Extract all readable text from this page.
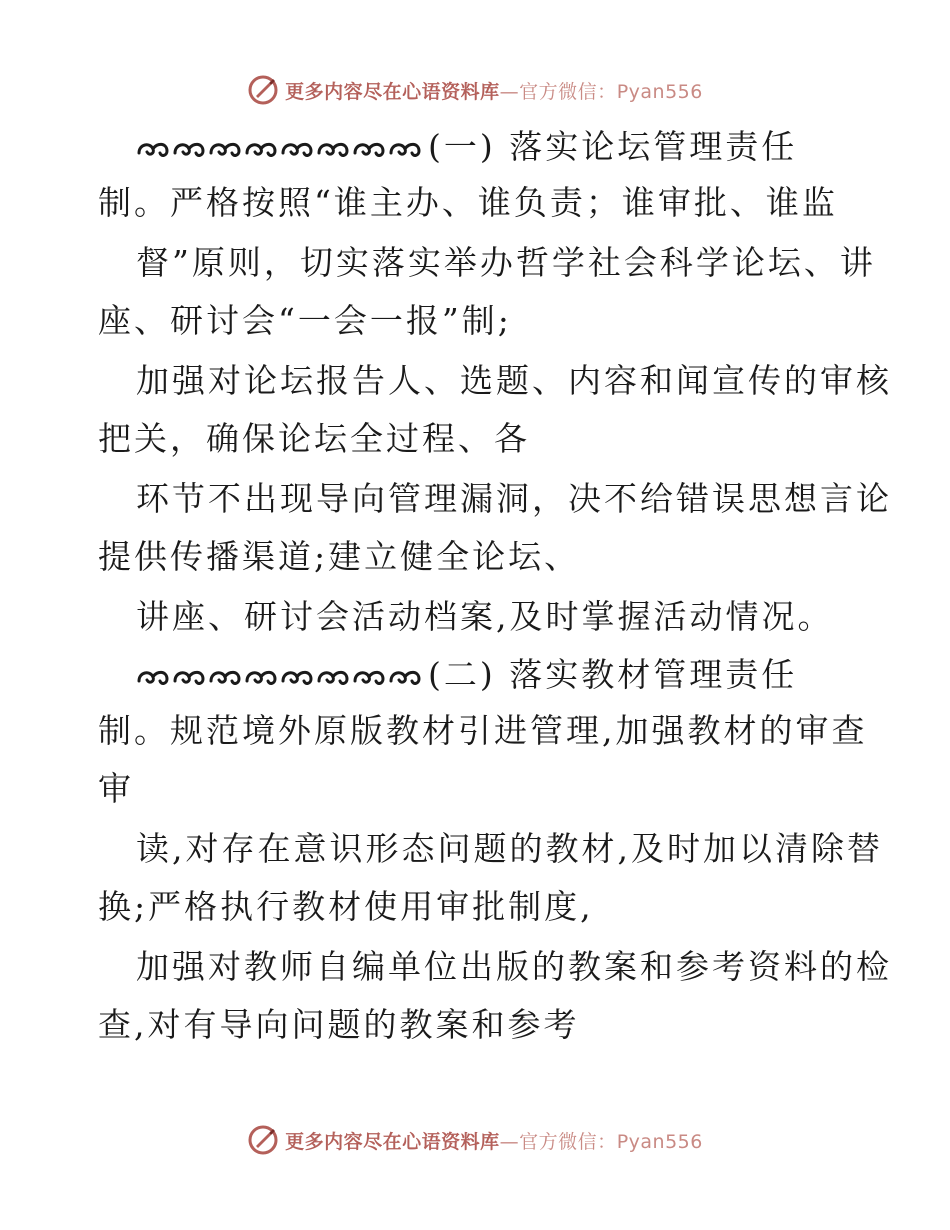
更多内容尽在心语资料库—官方微信：Pyan556
(一) 落实论坛管理责任
制。严格按照“谁主办、谁负责；谁审批、谁监
督”原则，切实落实举办哲学社会科学论坛、讲
座、研讨会“一会一报”制;
加强对论坛报告人、选题、内容和闻宣传的审核
把关，确保论坛全过程、各
环节不出现导向管理漏洞，决不给错误思想言论
提供传播渠道;建立健全论坛、
讲座、研讨会活动档案,及时掌握活动情况。
(二) 落实教材管理责任
制。规范境外原版教材引进管理,加强教材的审查
审
读,对存在意识形态问题的教材,及时加以清除替
换;严格执行教材使用审批制度,
加强对教师自编单位出版的教案和参考资料的检
查,对有导向问题的教案和参考
更多内容尽在心语资料库—官方微信：Pyan556
